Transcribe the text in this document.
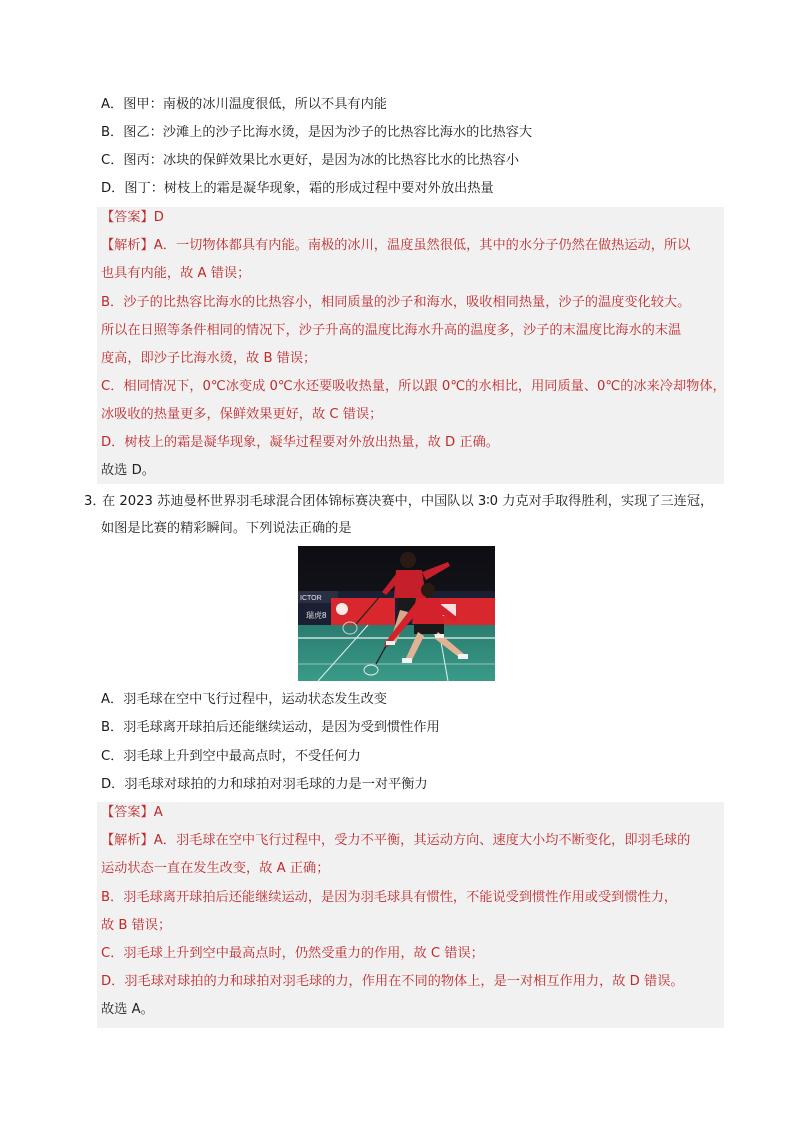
A．图甲：南极的冰川温度很低，所以不具有内能
B．图乙：沙滩上的沙子比海水烫，是因为沙子的比热容比海水的比热容大
C．图丙：冰块的保鲜效果比水更好，是因为冰的比热容比水的比热容小
D．图丁：树枝上的霜是凝华现象，霜的形成过程中要对外放出热量
【答案】D
【解析】A．一切物体都具有内能。南极的冰川，温度虽然很低，其中的水分子仍然在做热运动，所以
也具有内能，故 A 错误；
B．沙子的比热容比海水的比热容小，相同质量的沙子和海水，吸收相同热量，沙子的温度变化较大。
所以在日照等条件相同的情况下，沙子升高的温度比海水升高的温度多，沙子的末温度比海水的末温
度高，即沙子比海水烫，故 B 错误；
C．相同情况下，0℃冰变成 0℃水还要吸收热量，所以跟 0℃的水相比，用同质量、0℃的冰来冷却物体，
冰吸收的热量更多，保鲜效果更好，故 C 错误；
D．树枝上的霜是凝华现象，凝华过程要对外放出热量，故 D 正确。
故选 D。
3．
在 2023 苏迪曼杯世界羽毛球混合团体锦标赛决赛中，中国队以 3∶0 力克对手取得胜利，实现了三连冠，
如图是比赛的精彩瞬间。下列说法正确的是
ICTOR
瑞虎8
A．羽毛球在空中飞行过程中，运动状态发生改变
B．羽毛球离开球拍后还能继续运动，是因为受到惯性作用
C．羽毛球上升到空中最高点时，不受任何力
D．羽毛球对球拍的力和球拍对羽毛球的力是一对平衡力
【答案】A
【解析】A．羽毛球在空中飞行过程中，受力不平衡，其运动方向、速度大小均不断变化，即羽毛球的
运动状态一直在发生改变，故 A 正确；
B．羽毛球离开球拍后还能继续运动，是因为羽毛球具有惯性，不能说受到惯性作用或受到惯性力，
故 B 错误；
C．羽毛球上升到空中最高点时，仍然受重力的作用，故 C 错误；
D．羽毛球对球拍的力和球拍对羽毛球的力，作用在不同的物体上，是一对相互作用力，故 D 错误。
故选 A。
